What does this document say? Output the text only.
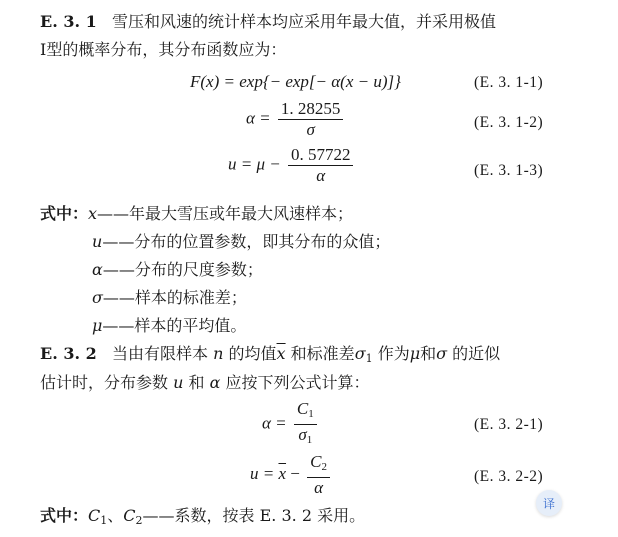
E. 3. 1 雪压和风速的统计样本均应采用年最大值，并采用极值
Ⅰ型的概率分布，其分布函数应为：
F(x) = exp{− exp[− α(x − u)]}	(E. 3. 1-1)
$\alpha = \frac{1. 28255}{\sigma}$	(E. 3. 1-2)
$u = \mu - \frac{0. 57722}{\alpha}$	(E. 3. 1-3)
式中：x——年最大雪压或年最大风速样本；
u——分布的位置参数，即其分布的众值；
α——分布的尺度参数；
σ——样本的标准差；
μ——样本的平均值。
E. 3. 2 当由有限样本 n 的均值$\overline{x}$ 和标准差$\sigma_1$ 作为μ和σ 的近似
估计时，分布参数 u 和 α 应按下列公式计算：
$\alpha = \frac{C_1}{\sigma_1}$	(E. 3. 2-1)
$u = \overline{x} - \frac{C_2}{\alpha}$	(E. 3. 2-2)
式中：$C_1$、$C_2——$系数，按表 E. 3. 2 采用。
译
